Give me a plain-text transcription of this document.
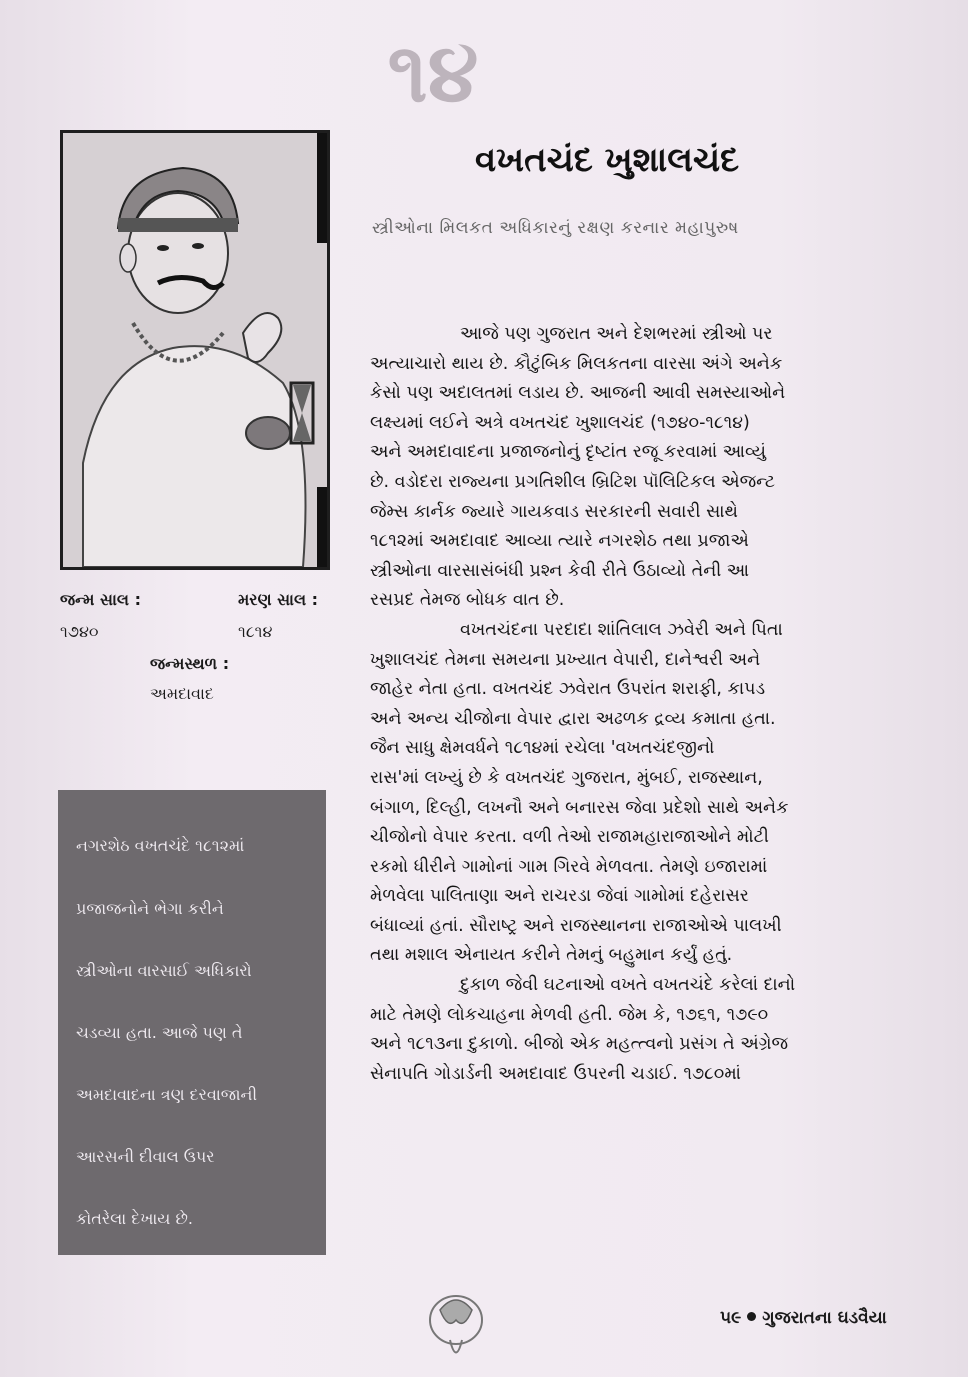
૧૪
વખતચંદ ખુશાલચંદ
સ્ત્રીઓના મિલકત અધિકારનું રક્ષણ કરનાર મહાપુરુષ
જન્મ સાલ :
૧૭૪૦
મરણ સાલ :
૧૮૧૪
જન્મસ્થળ :
અમદાવાદ
નગરશેઠ વખતચંદે ૧૮૧૨માં
પ્રજાજનોને ભેગા કરીને
સ્ત્રીઓના વારસાઈ અધિકારો
ચડવ્યા હતા. આજે પણ તે
અમદાવાદના ત્રણ દરવાજાની
આરસની દીવાલ ઉપર
કોતરેલા દેખાય છે.

આજે પણ ગુજરાત અને દેશભરમાં સ્ત્રીઓ પર

અત્યાચારો થાય છે. કૌટુંબિક મિલકતના વારસા અંગે અનેક

કેસો પણ અદાલતમાં લડાય છે. આજની આવી સમસ્યાઓને

લક્ષ્યમાં લઈને અત્રે વખતચંદ ખુશાલચંદ (૧૭૪૦-૧૮૧૪)

અને અમદાવાદના પ્રજાજનોનું દૃષ્ટાંત રજૂ કરવામાં આવ્યું

છે. વડોદરા રાજ્યના પ્રગતિશીલ બ્રિટિશ પૉલિટિકલ એજન્ટ

જેમ્સ કાર્નક જ્યારે ગાયકવાડ સરકારની સવારી સાથે

૧૮૧૨માં અમદાવાદ આવ્યા ત્યારે નગરશેઠ તથા પ્રજાએ

સ્ત્રીઓના વારસાસંબંધી પ્રશ્ન કેવી રીતે ઉઠાવ્યો તેની આ

રસપ્રદ તેમજ બોધક વાત છે.

વખતચંદના પરદાદા શાંતિલાલ ઝવેરી અને પિતા

ખુશાલચંદ તેમના સમયના પ્રખ્યાત વેપારી, દાનેશ્વરી અને

જાહેર નેતા હતા. વખતચંદ ઝવેરાત ઉપરાંત શરાફી, કાપડ

અને અન્ય ચીજોના વેપાર દ્વારા અઢળક દ્રવ્ય કમાતા હતા.

જૈન સાધુ ક્ષેમવર્ધને ૧૮૧૪માં રચેલા 'વખતચંદજીનો

રાસ'માં લખ્યું છે કે વખતચંદ ગુજરાત, મુંબઈ, રાજસ્થાન,

બંગાળ, દિલ્હી, લખનૌ અને બનારસ જેવા પ્રદેશો સાથે અનેક

ચીજોનો વેપાર કરતા. વળી તેઓ રાજામહારાજાઓને મોટી

રકમો ધીરીને ગામોનાં ગામ ગિરવે મેળવતા. તેમણે ઇજારામાં

મેળવેલા પાલિતાણા અને રાચરડા જેવાં ગામોમાં દહેરાસર

બંધાવ્યાં હતાં. સૌરાષ્ટ્ર અને રાજસ્થાનના રાજાઓએ પાલખી

તથા મશાલ એનાયત કરીને તેમનું બહુમાન કર્યું હતું.

દુકાળ જેવી ઘટનાઓ વખતે વખતચંદે કરેલાં દાનો

માટે તેમણે લોકચાહના મેળવી હતી. જેમ કે, ૧૭૬૧, ૧૭૯૦

અને ૧૮૧૩ના દુકાળો. બીજો એક મહત્ત્વનો પ્રસંગ તે અંગ્રેજ

સેનાપતિ ગોડાર્ડની અમદાવાદ ઉપરની ચડાઈ. ૧૭૮૦માં

૫૯ ગુજરાતના ઘડવૈયા
